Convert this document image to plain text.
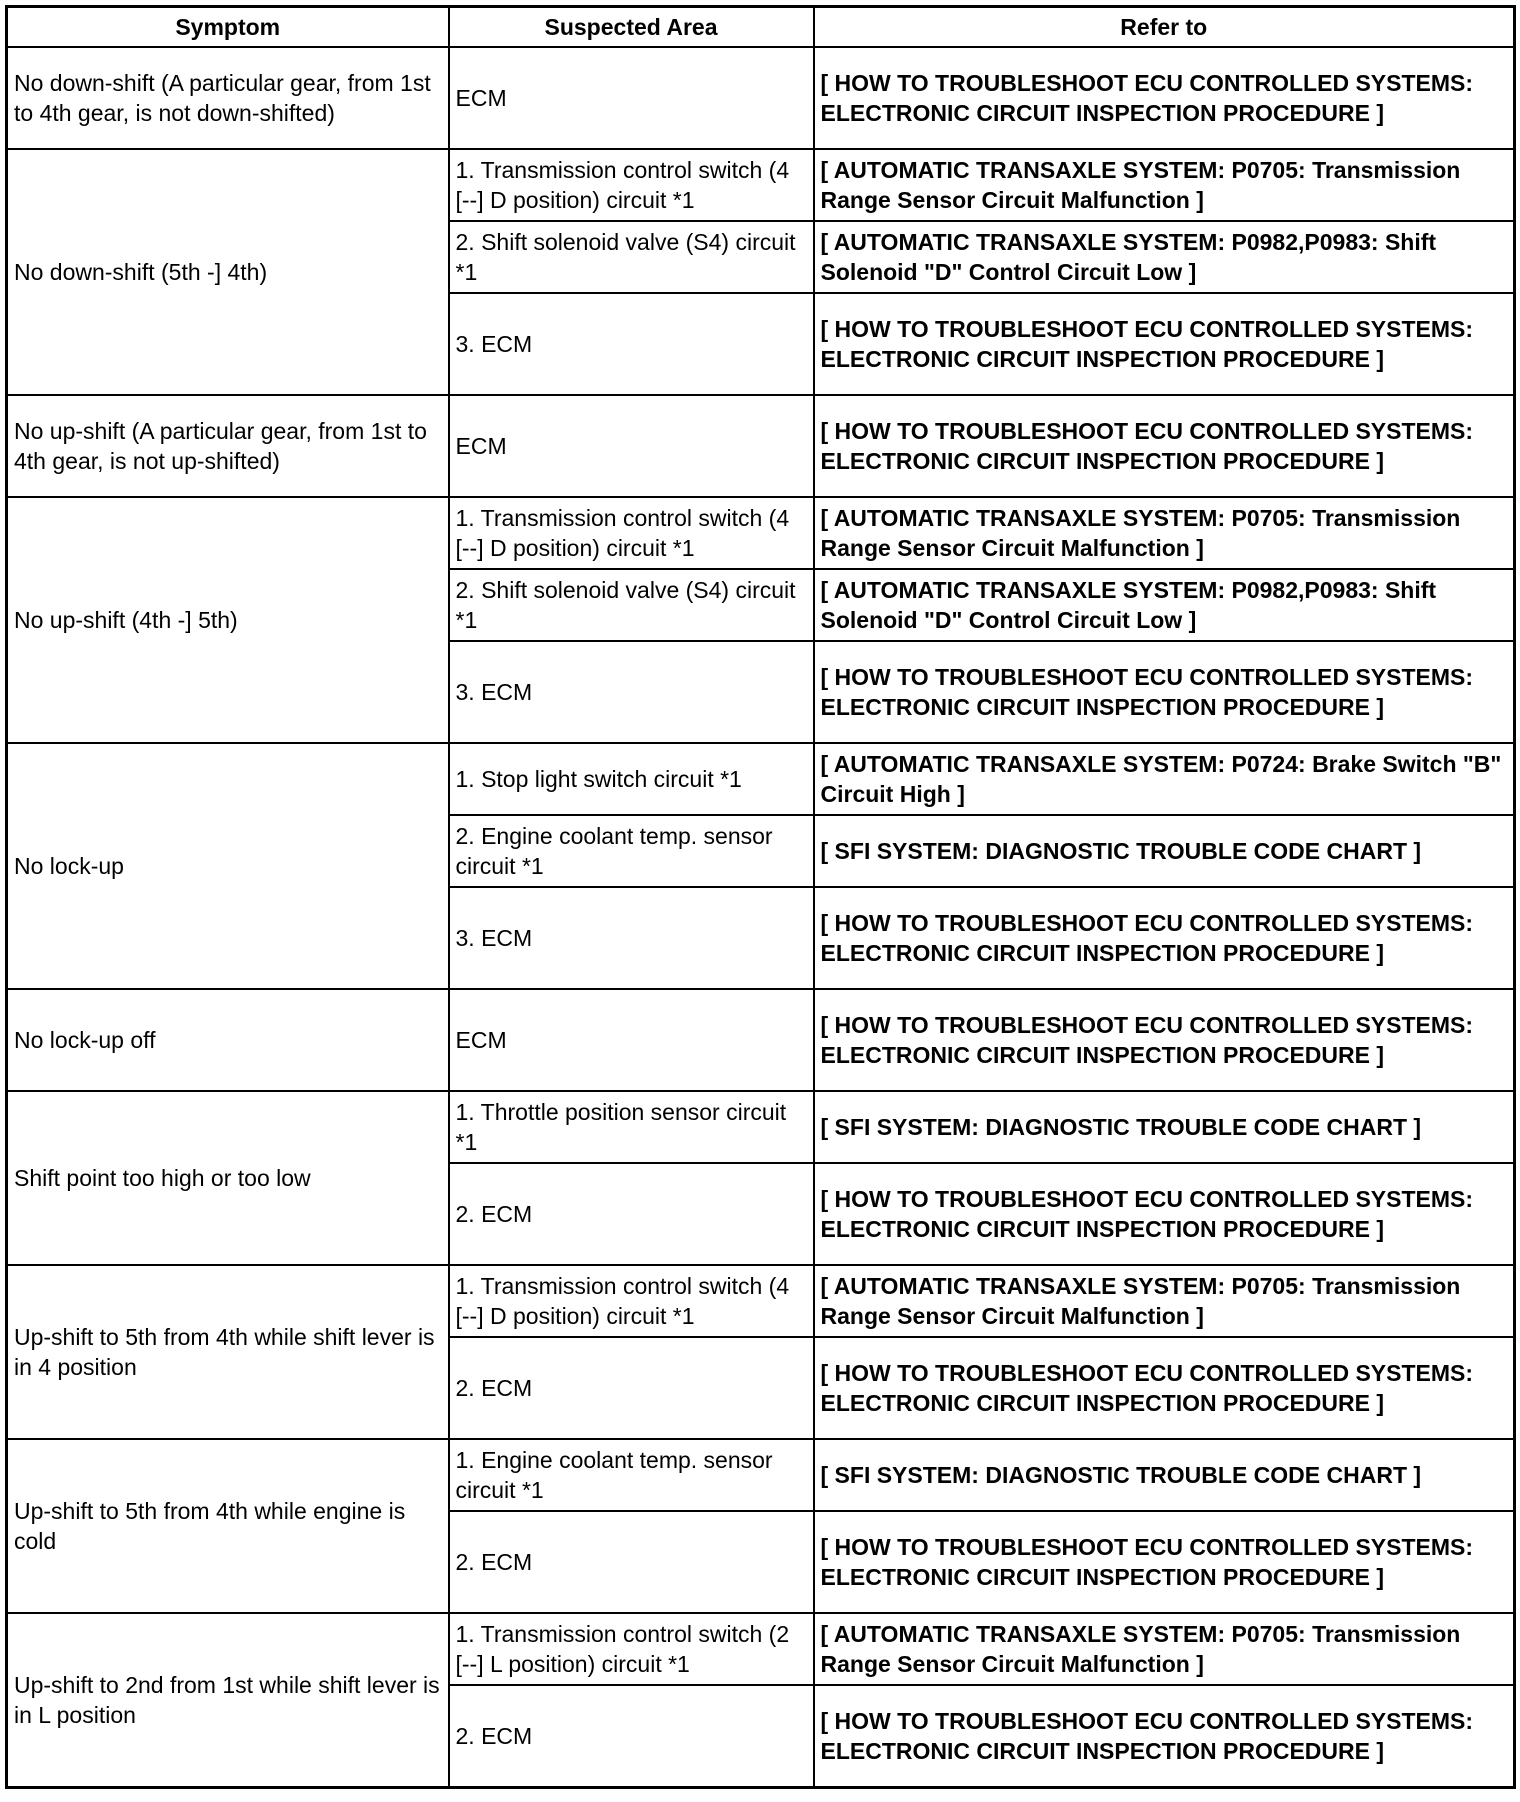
Symptom	Suspected Area	Refer to
No down-shift (A particular gear, from 1st to 4th gear, is not down-shifted)	ECM	[ HOW TO TROUBLESHOOT ECU CONTROLLED SYSTEMS: ELECTRONIC CIRCUIT INSPECTION PROCEDURE ]
No down-shift (5th -] 4th)	1. Transmission control switch (4 [--] D position) circuit *1	[ AUTOMATIC TRANSAXLE SYSTEM: P0705: Transmission Range Sensor Circuit Malfunction ]
	2. Shift solenoid valve (S4) circuit *1	[ AUTOMATIC TRANSAXLE SYSTEM: P0982,P0983: Shift Solenoid "D" Control Circuit Low ]
	3. ECM	[ HOW TO TROUBLESHOOT ECU CONTROLLED SYSTEMS: ELECTRONIC CIRCUIT INSPECTION PROCEDURE ]
No up-shift (A particular gear, from 1st to 4th gear, is not up-shifted)	ECM	[ HOW TO TROUBLESHOOT ECU CONTROLLED SYSTEMS: ELECTRONIC CIRCUIT INSPECTION PROCEDURE ]
No up-shift (4th -] 5th)	1. Transmission control switch (4 [--] D position) circuit *1	[ AUTOMATIC TRANSAXLE SYSTEM: P0705: Transmission Range Sensor Circuit Malfunction ]
	2. Shift solenoid valve (S4) circuit *1	[ AUTOMATIC TRANSAXLE SYSTEM: P0982,P0983: Shift Solenoid "D" Control Circuit Low ]
	3. ECM	[ HOW TO TROUBLESHOOT ECU CONTROLLED SYSTEMS: ELECTRONIC CIRCUIT INSPECTION PROCEDURE ]
No lock-up	1. Stop light switch circuit *1	[ AUTOMATIC TRANSAXLE SYSTEM: P0724: Brake Switch "B" Circuit High ]
	2. Engine coolant temp. sensor circuit *1	[ SFI SYSTEM: DIAGNOSTIC TROUBLE CODE CHART ]
	3. ECM	[ HOW TO TROUBLESHOOT ECU CONTROLLED SYSTEMS: ELECTRONIC CIRCUIT INSPECTION PROCEDURE ]
No lock-up off	ECM	[ HOW TO TROUBLESHOOT ECU CONTROLLED SYSTEMS: ELECTRONIC CIRCUIT INSPECTION PROCEDURE ]
Shift point too high or too low	1. Throttle position sensor circuit *1	[ SFI SYSTEM: DIAGNOSTIC TROUBLE CODE CHART ]
	2. ECM	[ HOW TO TROUBLESHOOT ECU CONTROLLED SYSTEMS: ELECTRONIC CIRCUIT INSPECTION PROCEDURE ]
Up-shift to 5th from 4th while shift lever is in 4 position	1. Transmission control switch (4 [--] D position) circuit *1	[ AUTOMATIC TRANSAXLE SYSTEM: P0705: Transmission Range Sensor Circuit Malfunction ]
	2. ECM	[ HOW TO TROUBLESHOOT ECU CONTROLLED SYSTEMS: ELECTRONIC CIRCUIT INSPECTION PROCEDURE ]
Up-shift to 5th from 4th while engine is cold	1. Engine coolant temp. sensor circuit *1	[ SFI SYSTEM: DIAGNOSTIC TROUBLE CODE CHART ]
	2. ECM	[ HOW TO TROUBLESHOOT ECU CONTROLLED SYSTEMS: ELECTRONIC CIRCUIT INSPECTION PROCEDURE ]
Up-shift to 2nd from 1st while shift lever is in L position	1. Transmission control switch (2 [--] L position) circuit *1	[ AUTOMATIC TRANSAXLE SYSTEM: P0705: Transmission Range Sensor Circuit Malfunction ]
	2. ECM	[ HOW TO TROUBLESHOOT ECU CONTROLLED SYSTEMS: ELECTRONIC CIRCUIT INSPECTION PROCEDURE ]
